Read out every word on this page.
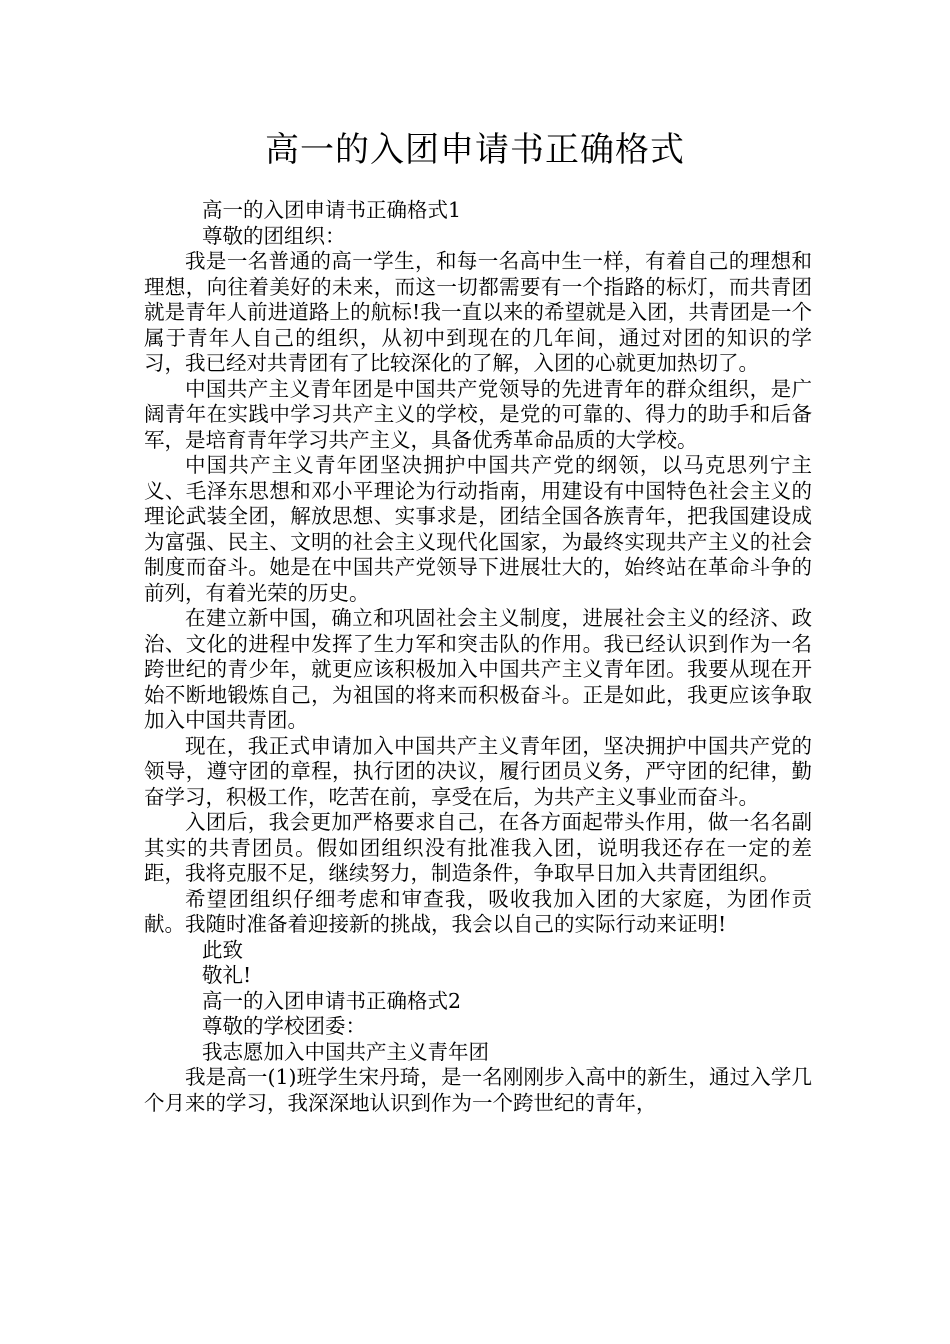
高一的入团申请书正确格式

高一的入团申请书正确格式1

尊敬的团组织：

我是一名普通的高一学生，和每一名高中生一样，有着自己的理想和理想，向往着美好的未来，而这一切都需要有一个指路的标灯，而共青团就是青年人前进道路上的航标!我一直以来的希望就是入团，共青团是一个属于青年人自己的组织，从初中到现在的几年间，通过对团的知识的学习，我已经对共青团有了比较深化的了解，入团的心就更加热切了。

中国共产主义青年团是中国共产党领导的先进青年的群众组织，是广阔青年在实践中学习共产主义的学校，是党的可靠的、得力的助手和后备军，是培育青年学习共产主义，具备优秀革命品质的大学校。

中国共产主义青年团坚决拥护中国共产党的纲领，以马克思列宁主义、毛泽东思想和邓小平理论为行动指南，用建设有中国特色社会主义的理论武装全团，解放思想、实事求是，团结全国各族青年，把我国建设成为富强、民主、文明的社会主义现代化国家，为最终实现共产主义的社会制度而奋斗。她是在中国共产党领导下进展壮大的，始终站在革命斗争的前列，有着光荣的历史。

在建立新中国，确立和巩固社会主义制度，进展社会主义的经济、政治、文化的进程中发挥了生力军和突击队的作用。我已经认识到作为一名跨世纪的青少年，就更应该积极加入中国共产主义青年团。我要从现在开始不断地锻炼自己，为祖国的将来而积极奋斗。正是如此，我更应该争取加入中国共青团。

现在，我正式申请加入中国共产主义青年团，坚决拥护中国共产党的领导，遵守团的章程，执行团的决议，履行团员义务，严守团的纪律，勤奋学习，积极工作，吃苦在前，享受在后，为共产主义事业而奋斗。

入团后，我会更加严格要求自己，在各方面起带头作用，做一名名副其实的共青团员。假如团组织没有批准我入团，说明我还存在一定的差距，我将克服不足，继续努力，制造条件，争取早日加入共青团组织。

希望团组织仔细考虑和审查我，吸收我加入团的大家庭，为团作贡献。我随时准备着迎接新的挑战，我会以自己的实际行动来证明!

此致

敬礼!

高一的入团申请书正确格式2

尊敬的学校团委：

我志愿加入中国共产主义青年团

我是高一(1)班学生宋丹琦，是一名刚刚步入高中的新生，通过入学几个月来的学习，我深深地认识到作为一个跨世纪的青年，
